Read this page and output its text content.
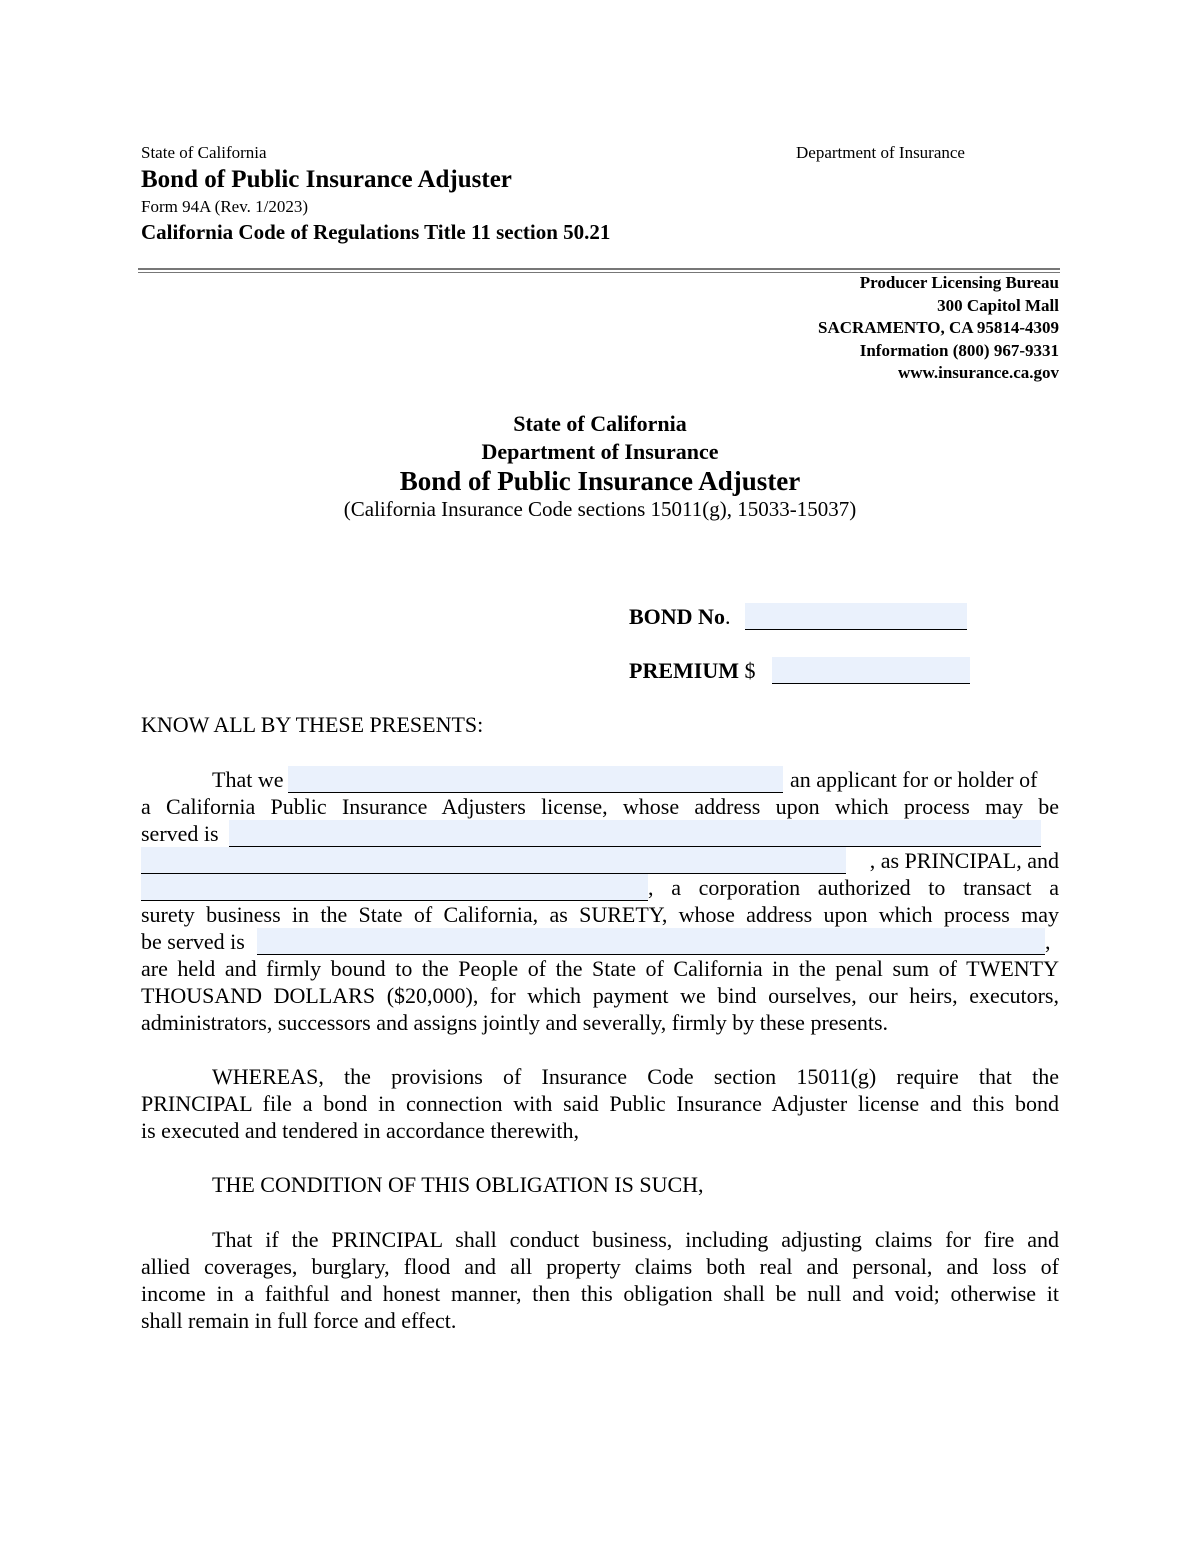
State of California	Department of Insurance
Bond of Public Insurance Adjuster
Form 94A (Rev. 1/2023)
California Code of Regulations Title 11 section 50.21
Producer Licensing Bureau
300 Capitol Mall
SACRAMENTO, CA 95814-4309
Information (800) 967-9331
www.insurance.ca.gov
State of California
Department of Insurance
Bond of Public Insurance Adjuster
(California Insurance Code sections 15011(g), 15033-15037)
BOND No.
PREMIUM $
KNOW ALL BY THESE PRESENTS:
That we	an applicant for or holder of
a California Public Insurance Adjusters license, whose address upon which process may be
served is
, as PRINCIPAL, and
, a corporation authorized to transact a
surety business in the State of California, as SURETY, whose address upon which process may
be served is	,
are held and firmly bound to the People of the State of California in the penal sum of TWENTY
THOUSAND DOLLARS ($20,000), for which payment we bind ourselves, our heirs, executors,
administrators, successors and assigns jointly and severally, firmly by these presents.
WHEREAS, the provisions of Insurance Code section 15011(g) require that the
PRINCIPAL file a bond in connection with said Public Insurance Adjuster license and this bond
is executed and tendered in accordance therewith,
THE CONDITION OF THIS OBLIGATION IS SUCH,
That if the PRINCIPAL shall conduct business, including adjusting claims for fire and
allied coverages, burglary, flood and all property claims both real and personal, and loss of
income in a faithful and honest manner, then this obligation shall be null and void; otherwise it
shall remain in full force and effect.
